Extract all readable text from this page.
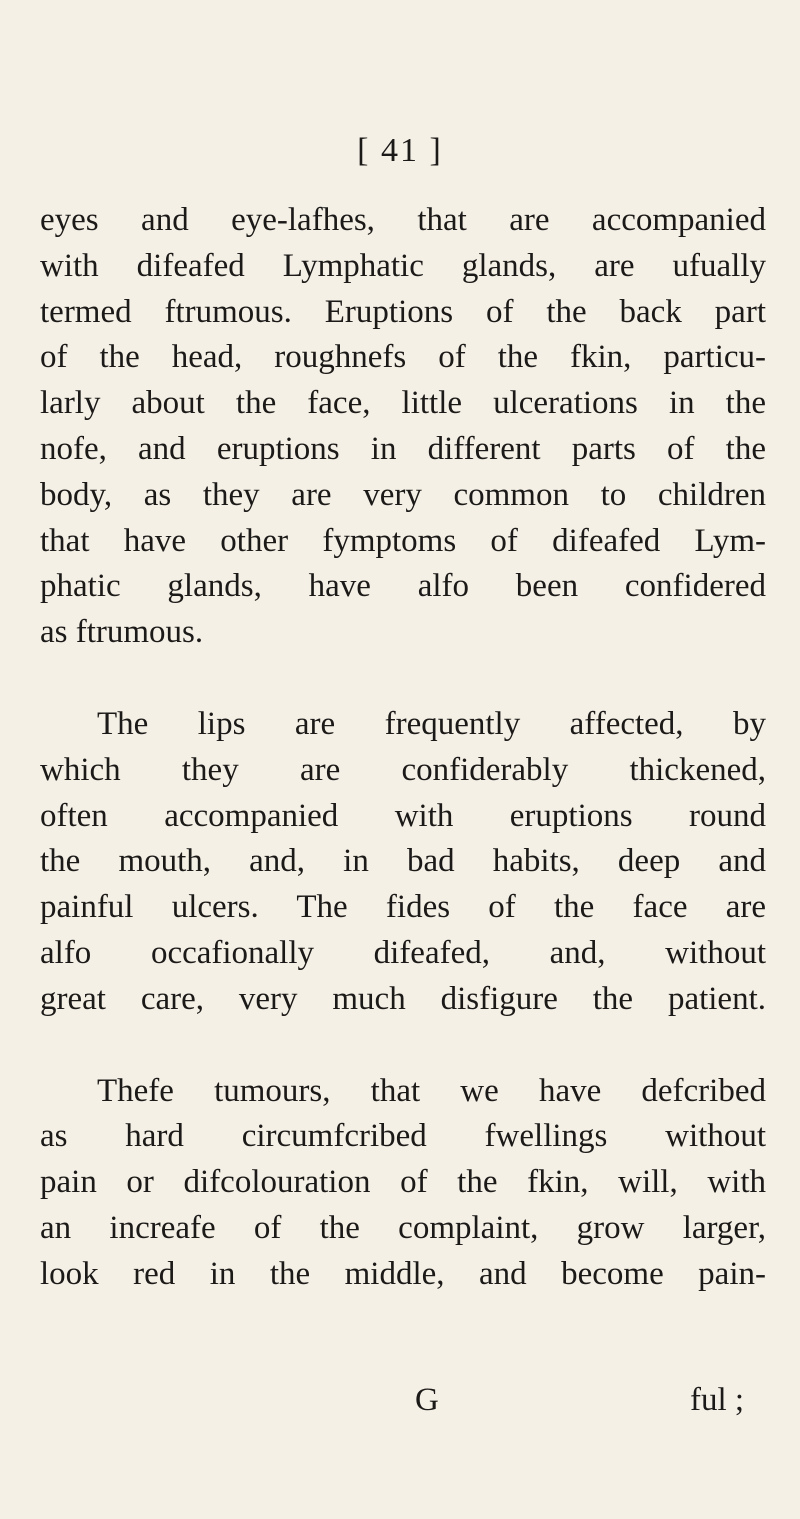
[ 41 ]

eyes and eye-lafhes, that are accompanied
with difeafed Lymphatic glands, are ufually
termed ftrumous. Eruptions of the back part
of the head, roughnefs of the fkin, particu-
larly about the face, little ulcerations in the
nofe, and eruptions in different parts of the
body, as they are very common to children
that have other fymptoms of difeafed Lym-
phatic glands, have alfo been confidered
as ftrumous.

The lips are frequently affected, by
which they are confiderably thickened,
often accompanied with eruptions round
the mouth, and, in bad habits, deep and
painful ulcers. The fides of the face are
alfo occafionally difeafed, and, without
great care, very much disfigure the patient.

Thefe tumours, that we have defcribed
as hard circumfcribed fwellings without
pain or difcolouration of the fkin, will, with
an increafe of the complaint, grow larger,
look red in the middle, and become pain-

G	ful ;
